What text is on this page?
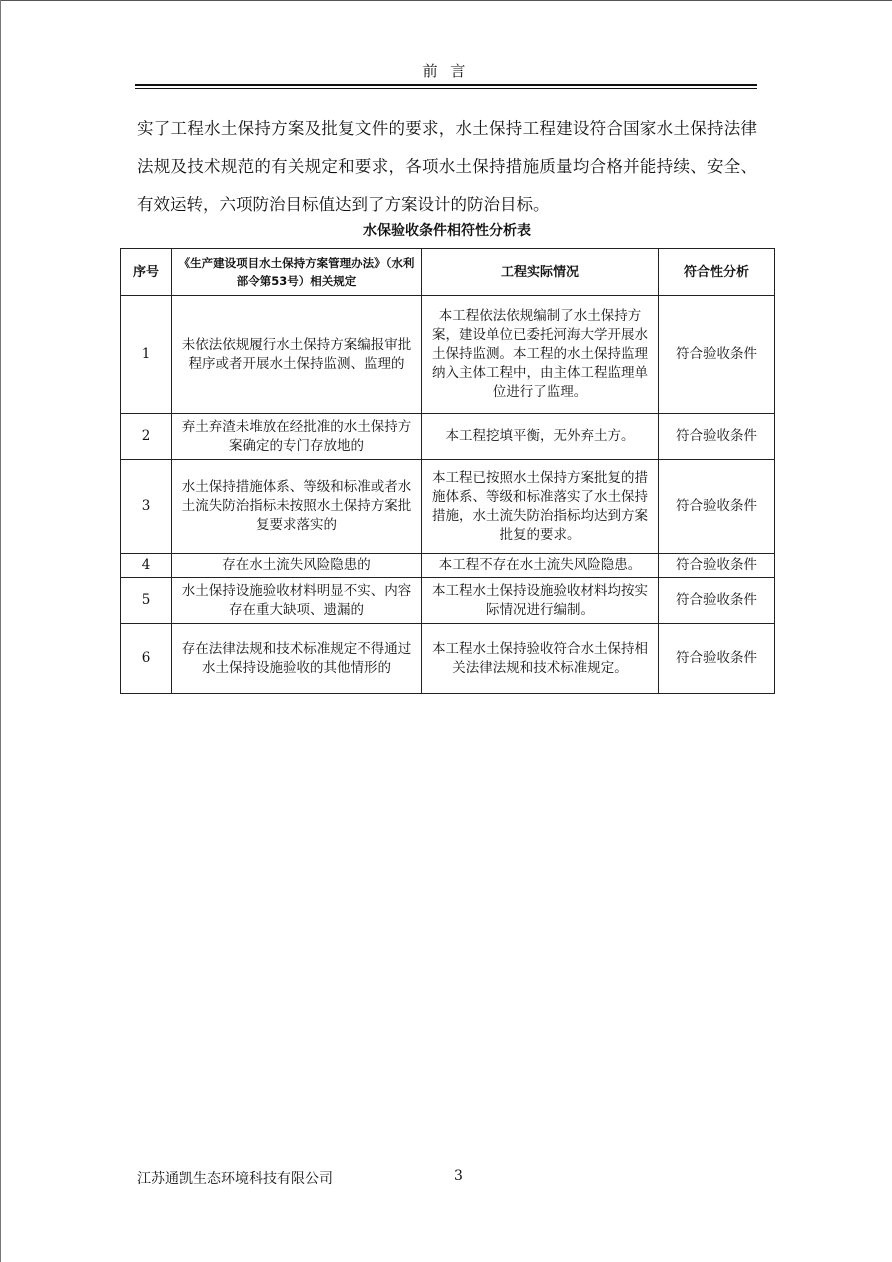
前 言
实了工程水土保持方案及批复文件的要求，水土保持工程建设符合国家水土保持法律法规及技术规范的有关规定和要求，各项水土保持措施质量均合格并能持续、安全、有效运转，六项防治目标值达到了方案设计的防治目标。
水保验收条件相符性分析表
序号	《生产建设项目水土保持方案管理办法》（水利部令第53号）相关规定	工程实际情况	符合性分析
1	未依法依规履行水土保持方案编报审批程序或者开展水土保持监测、监理的	本工程依法依规编制了水土保持方案，建设单位已委托河海大学开展水土保持监测。本工程的水土保持监理纳入主体工程中，由主体工程监理单位进行了监理。	符合验收条件
2	弃土弃渣未堆放在经批准的水土保持方案确定的专门存放地的	本工程挖填平衡，无外弃土方。	符合验收条件
3	水土保持措施体系、等级和标准或者水土流失防治指标未按照水土保持方案批复要求落实的	本工程已按照水土保持方案批复的措施体系、等级和标准落实了水土保持措施，水土流失防治指标均达到方案批复的要求。	符合验收条件
4	存在水土流失风险隐患的	本工程不存在水土流失风险隐患。	符合验收条件
5	水土保持设施验收材料明显不实、内容存在重大缺项、遗漏的	本工程水土保持设施验收材料均按实际情况进行编制。	符合验收条件
6	存在法律法规和技术标准规定不得通过水土保持设施验收的其他情形的	本工程水土保持验收符合水土保持相关法律法规和技术标准规定。	符合验收条件
江苏通凯生态环境科技有限公司	3
